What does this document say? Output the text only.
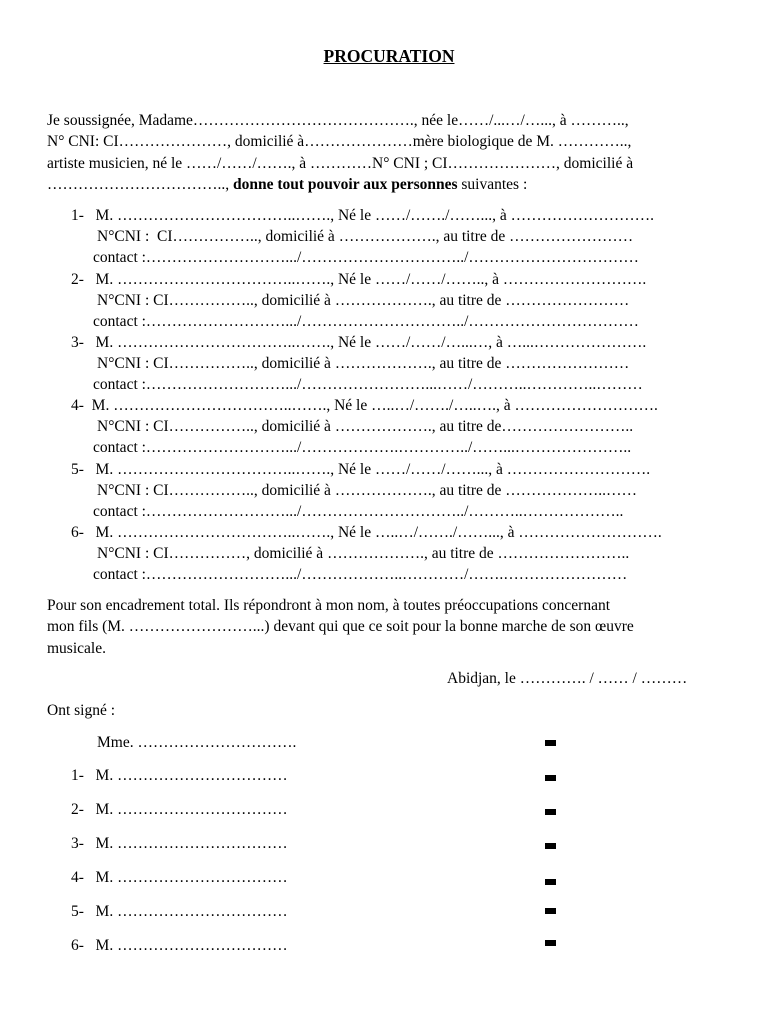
PROCURATION
Je soussignée, Madame……………………………………., née le……/...…/…..., à ………..,
N° CNI: CI…………………, domicilié à…………………mère biologique de M. …………..,
artiste musicien, né le ……/……/……., à …………N° CNI ; CI…………………, domicilié à
…………………………….., donne tout pouvoir aux personnes suivantes :
1-   M. ……………………………..……., Né le ……/……./……..., à ……………………….
N°CNI :  CI…………….., domicilié à ………………., au titre de ……………………
contact :……………………….../…………………………../……………………………
2-   M. ……………………………..……., Né le ……/……/…….., à ……………………….
N°CNI : CI…………….., domicilié à ………………., au titre de ……………………
contact :……………………….../…………………………../……………………………
3-   M. ……………………………..……., Né le ……/……/…...…, à …...………………….
N°CNI : CI…………….., domicilié à ………………., au titre de ……………………
contact :……………………….../……………………...……/………..…………..………
4-  M. ……………………………..……., Né le …..…/……./…..…., à ……………………….
N°CNI : CI…………….., domicilié à ………………., au titre de……………………..
contact :……………………….../……………….…………../……...…………………..
5-   M. ……………………………..……., Né le ……/……/……..., à ……………………….
N°CNI : CI…………….., domicilié à ………………., au titre de ………………..……
contact :……………………….../…………………………../………..………………..
6-   M. ……………………………..……., Né le …..…/……./……..., à ……………………….
N°CNI : CI……………, domicilié à ………………., au titre de ……………………..
contact :……………………….../………………..…………/…….……………………
Pour son encadrement total. Ils répondront à mon nom, à toutes préoccupations concernant
mon fils (M. ……………………...) devant qui que ce soit pour la bonne marche de son œuvre
musicale.
Abidjan, le …………. / …… / ………
Ont signé :
Mme. ………………………….
1-   M. ……………………………
2-   M. ……………………………
3-   M. ……………………………
4-   M. ……………………………
5-   M. ……………………………
6-   M. ……………………………
